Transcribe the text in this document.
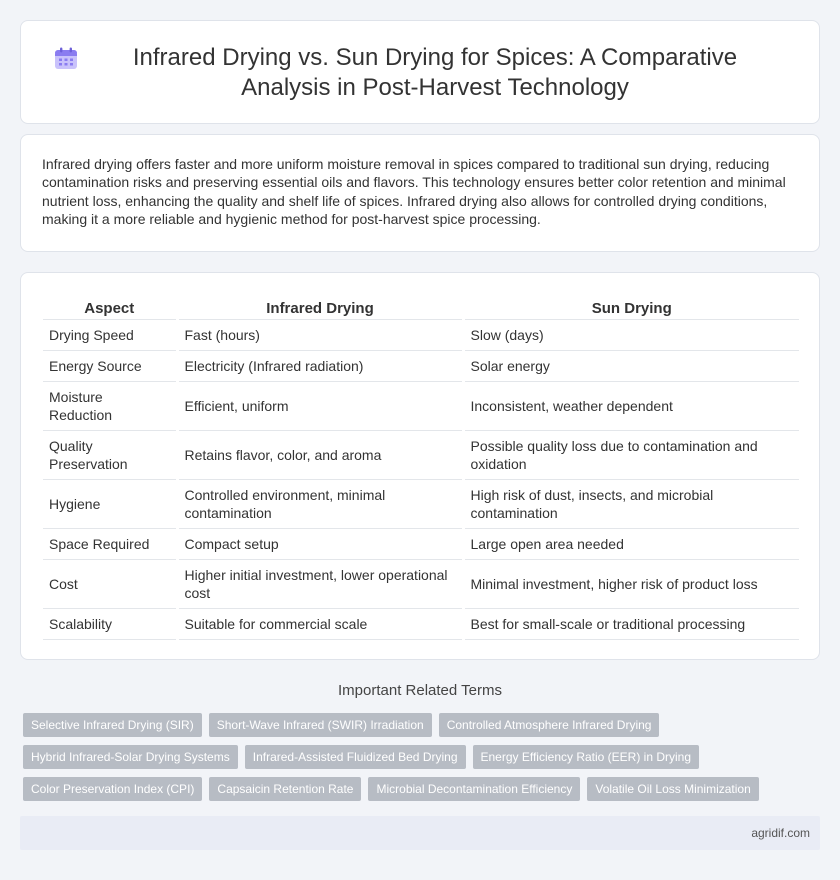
Infrared Drying vs. Sun Drying for Spices: A Comparative Analysis in Post-Harvest Technology

Infrared drying offers faster and more uniform moisture removal in spices compared to traditional sun drying, reducing contamination risks and preserving essential oils and flavors. This technology ensures better color retention and minimal nutrient loss, enhancing the quality and shelf life of spices. Infrared drying also allows for controlled drying conditions, making it a more reliable and hygienic method for post-harvest spice processing.

Aspect	Infrared Drying	Sun Drying
Drying Speed	Fast (hours)	Slow (days)
Energy Source	Electricity (Infrared radiation)	Solar energy
Moisture Reduction	Efficient, uniform	Inconsistent, weather dependent
Quality Preservation	Retains flavor, color, and aroma	Possible quality loss due to contamination and oxidation
Hygiene	Controlled environment, minimal contamination	High risk of dust, insects, and microbial contamination
Space Required	Compact setup	Large open area needed
Cost	Higher initial investment, lower operational cost	Minimal investment, higher risk of product loss
Scalability	Suitable for commercial scale	Best for small-scale or traditional processing
Important Related Terms
Selective Infrared Drying (SIR)	Short-Wave Infrared (SWIR) Irradiation	Controlled Atmosphere Infrared Drying
Hybrid Infrared-Solar Drying Systems	Infrared-Assisted Fluidized Bed Drying	Energy Efficiency Ratio (EER) in Drying
Color Preservation Index (CPI)	Capsaicin Retention Rate	Microbial Decontamination Efficiency	Volatile Oil Loss Minimization
agridif.com
